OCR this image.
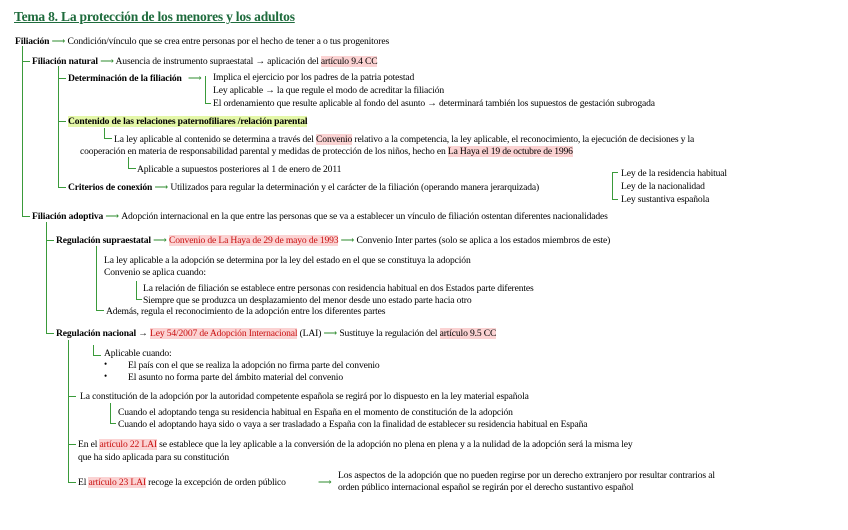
Tema 8. La protección de los menores y los adultos
Filiación ⟶ Condición/vínculo que se crea entre personas por el hecho de tener a o tus progenitores
Filiación natural ⟶ Ausencia de instrumento supraestatal → aplicación del artículo 9.4 CC
Determinación de la filiación ⟶ Implica el ejercicio por los padres de la patria potestad
Ley aplicable → la que regule el modo de acreditar la filiación
El ordenamiento que resulte aplicable al fondo del asunto → determinará también los supuestos de gestación subrogada
Contenido de las relaciones paternofiliares /relación parental
La ley aplicable al contenido se determina a través del Convenio relativo a la competencia, la ley aplicable, el reconocimiento, la ejecución de decisiones y la
cooperación en materia de responsabilidad parental y medidas de protección de los niños, hecho en La Haya el 19 de octubre de 1996
Aplicable a supuestos posteriores al 1 de enero de 2011
Criterios de conexión ⟶ Utilizados para regular la determinación y el carácter de la filiación (operando manera jerarquizada)
Ley de la residencia habitual
Ley de la nacionalidad
Ley sustantiva española
Filiación adoptiva ⟶ Adopción internacional en la que entre las personas que se va a establecer un vínculo de filiación ostentan diferentes nacionalidades
Regulación supraestatal ⟶ Convenio de La Haya de 29 de mayo de 1993 ⟶ Convenio Inter partes (solo se aplica a los estados miembros de este)
La ley aplicable a la adopción se determina por la ley del estado en el que se constituya la adopción
Convenio se aplica cuando:
La relación de filiación se establece entre personas con residencia habitual en dos Estados parte diferentes
Siempre que se produzca un desplazamiento del menor desde uno estado parte hacia otro
Además, regula el reconocimiento de la adopción entre los diferentes partes
Regulación nacional → Ley 54/2007 de Adopción Internacional (LAI) ⟶ Sustituye la regulación del artículo 9.5 CC
Aplicable cuando:
• El país con el que se realiza la adopción no firma parte del convenio
• El asunto no forma parte del ámbito material del convenio
La constitución de la adopción por la autoridad competente española se regirá por lo dispuesto en la ley material española
Cuando el adoptando tenga su residencia habitual en España en el momento de constitución de la adopción
Cuando el adoptando haya sido o vaya a ser trasladado a España con la finalidad de establecer su residencia habitual en España
En el artículo 22 LAI se establece que la ley aplicable a la conversión de la adopción no plena en plena y a la nulidad de la adopción será la misma ley
que ha sido aplicada para su constitución
El artículo 23 LAI recoge la excepción de orden público	⟶
Los aspectos de la adopción que no pueden regirse por un derecho extranjero por resultar contrarios al
orden público internacional español se regirán por el derecho sustantivo español
